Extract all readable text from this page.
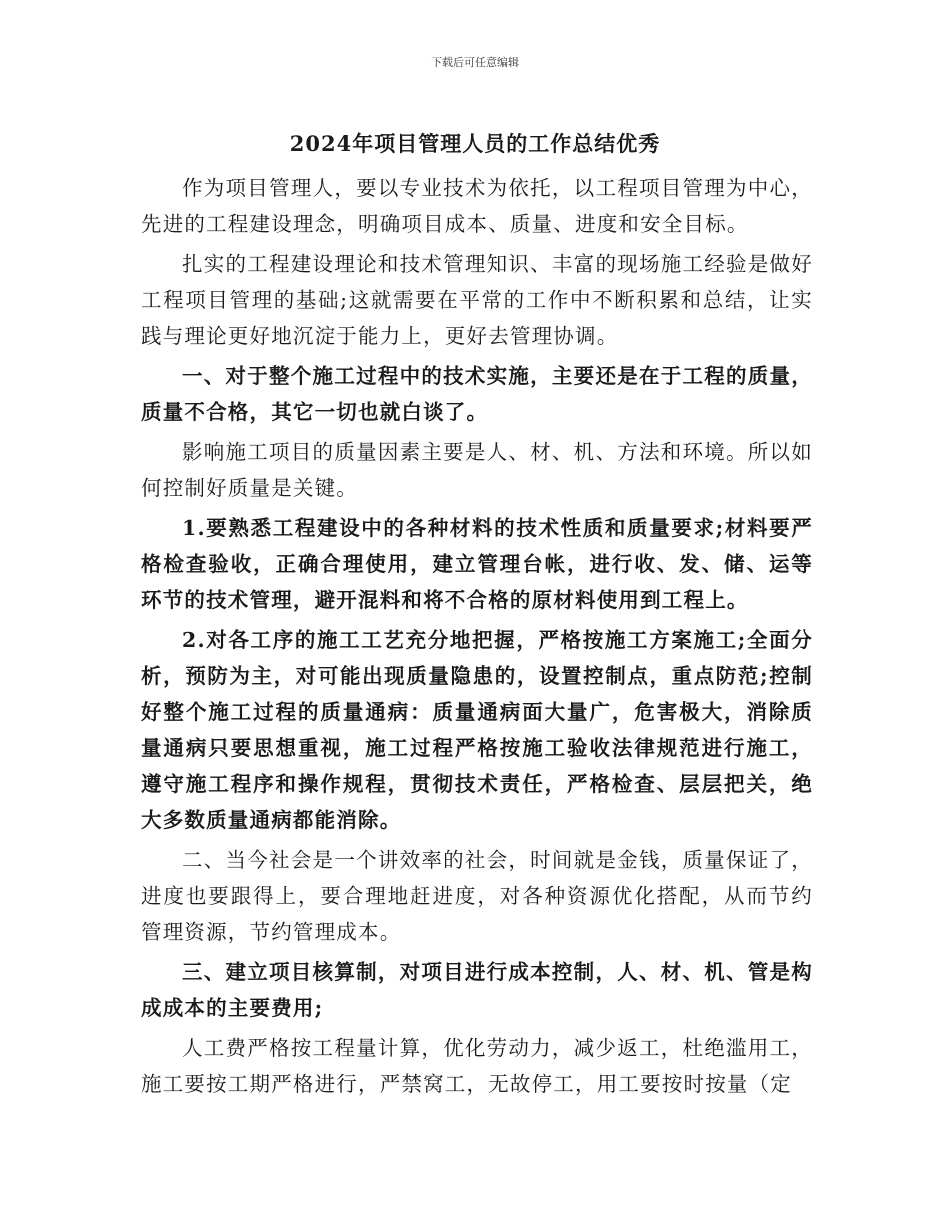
下载后可任意编辑
2024年项目管理人员的工作总结优秀

作为项目管理人，要以专业技术为依托，以工程项目管理为中心，先进的工程建设理念，明确项目成本、质量、进度和安全目标。

扎实的工程建设理论和技术管理知识、丰富的现场施工经验是做好工程项目管理的基础;这就需要在平常的工作中不断积累和总结，让实践与理论更好地沉淀于能力上，更好去管理协调。

一、对于整个施工过程中的技术实施，主要还是在于工程的质量，质量不合格，其它一切也就白谈了。

影响施工项目的质量因素主要是人、材、机、方法和环境。所以如何控制好质量是关键。

1.要熟悉工程建设中的各种材料的技术性质和质量要求;材料要严格检查验收，正确合理使用，建立管理台帐，进行收、发、储、运等环节的技术管理，避开混料和将不合格的原材料使用到工程上。

2.对各工序的施工工艺充分地把握，严格按施工方案施工;全面分析，预防为主，对可能出现质量隐患的，设置控制点，重点防范;控制好整个施工过程的质量通病：质量通病面大量广，危害极大，消除质量通病只要思想重视，施工过程严格按施工验收法律规范进行施工，遵守施工程序和操作规程，贯彻技术责任，严格检查、层层把关，绝大多数质量通病都能消除。

二、当今社会是一个讲效率的社会，时间就是金钱，质量保证了，进度也要跟得上，要合理地赶进度，对各种资源优化搭配，从而节约管理资源，节约管理成本。

三、建立项目核算制，对项目进行成本控制，人、材、机、管是构成成本的主要费用;

人工费严格按工程量计算，优化劳动力，减少返工，杜绝滥用工，施工要按工期严格进行，严禁窝工，无故停工，用工要按时按量（定
